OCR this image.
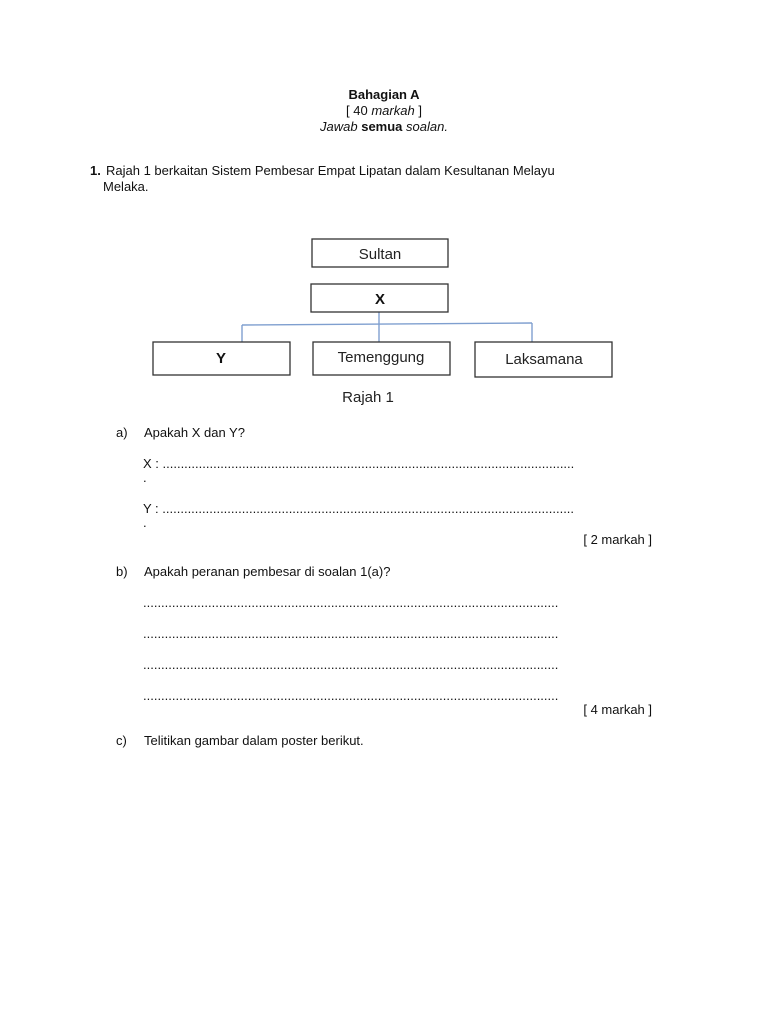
Bahagian A
[ 40 markah ]
Jawab semua soalan.
1. Rajah 1 berkaitan Sistem Pembesar Empat Lipatan dalam Kesultanan Melayu
Melaka.
Sultan
X
Y	Temenggung	Laksamana
Rajah 1
a) Apakah X dan Y?
X : ..................................................................................................................
.
Y : ..................................................................................................................
.
[ 2 markah ]
b) Apakah peranan pembesar di soalan 1(a)?
...................................................................................................................
...................................................................................................................
...................................................................................................................
...................................................................................................................
[ 4 markah ]
c) Telitikan gambar dalam poster berikut.
